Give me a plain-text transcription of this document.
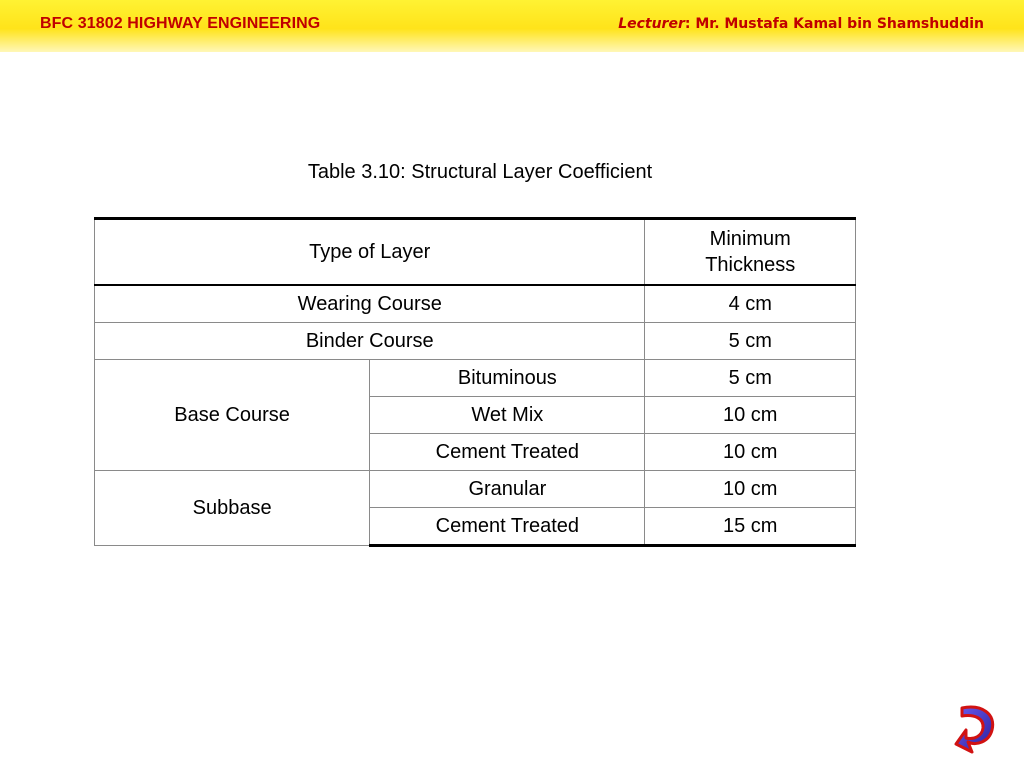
BFC 31802 HIGHWAY ENGINEERING	Lecturer: Mr. Mustafa Kamal bin Shamshuddin
Table 3.10: Structural Layer Coefficient
Type of Layer		Minimum
Thickness
Wearing Course		4 cm
Binder Course		5 cm
Base Course	Bituminous	5 cm
	Wet Mix	10 cm
	Cement Treated	10 cm
Subbase	Granular	10 cm
	Cement Treated	15 cm
